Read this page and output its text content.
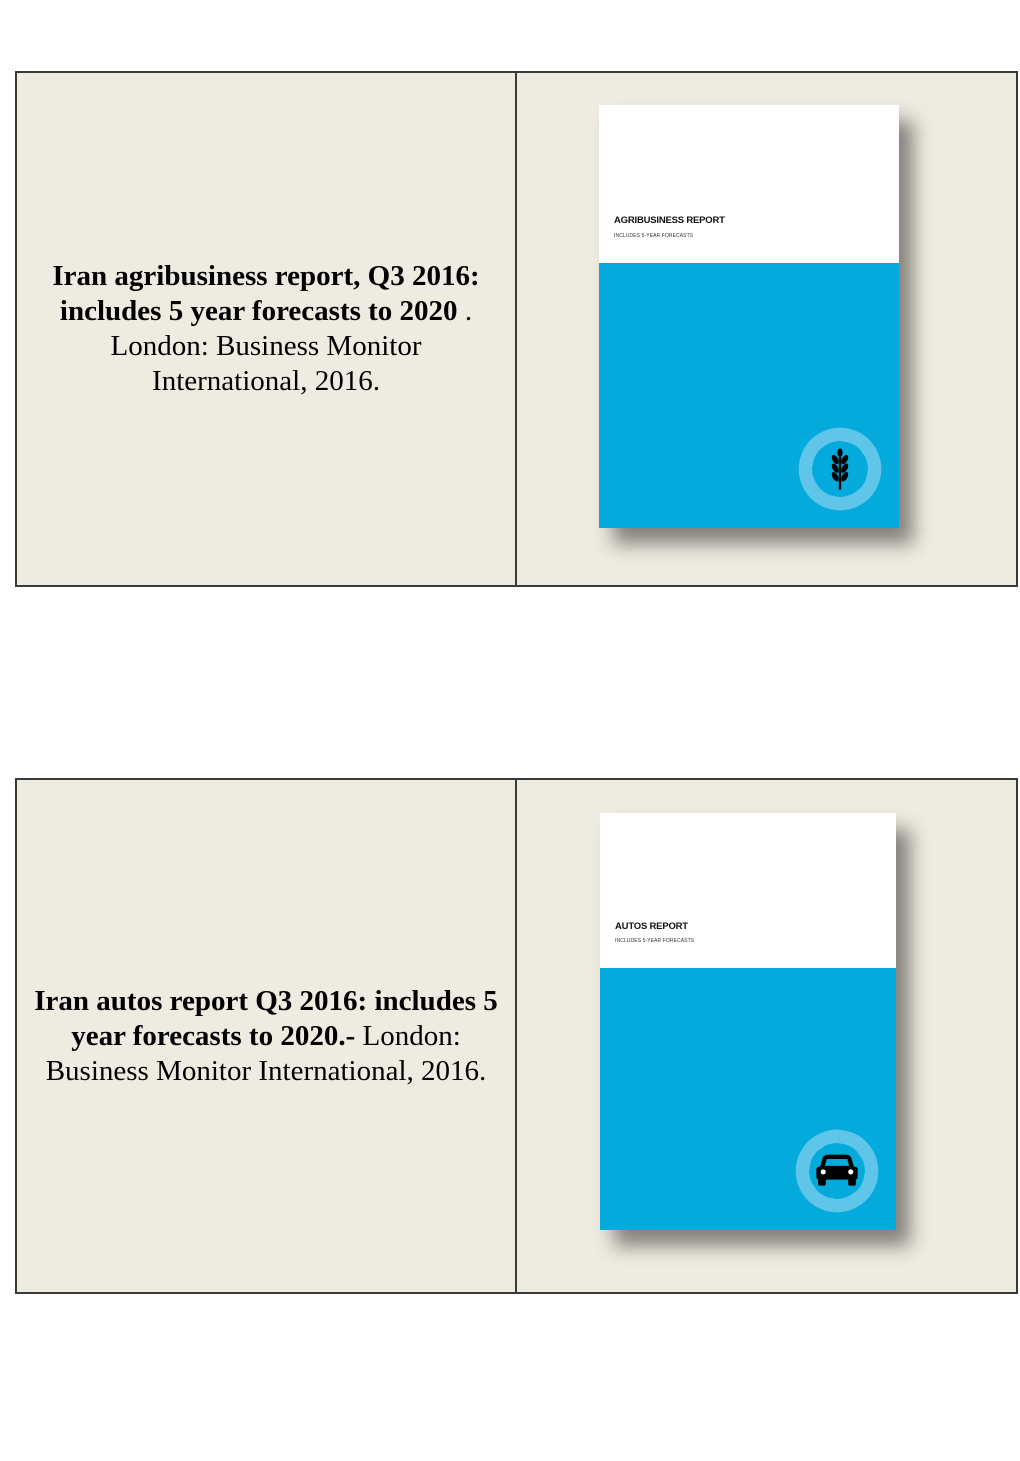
Iran agribusiness report, Q3 2016: includes 5 year forecasts to 2020 . London: Business Monitor International, 2016.
AGRIBUSINESS REPORT
INCLUDES 5-YEAR FORECASTS
Iran autos report Q3 2016: includes 5 year forecasts to 2020.- London: Business Monitor International, 2016.
AUTOS REPORT
INCLUDES 5-YEAR FORECASTS
